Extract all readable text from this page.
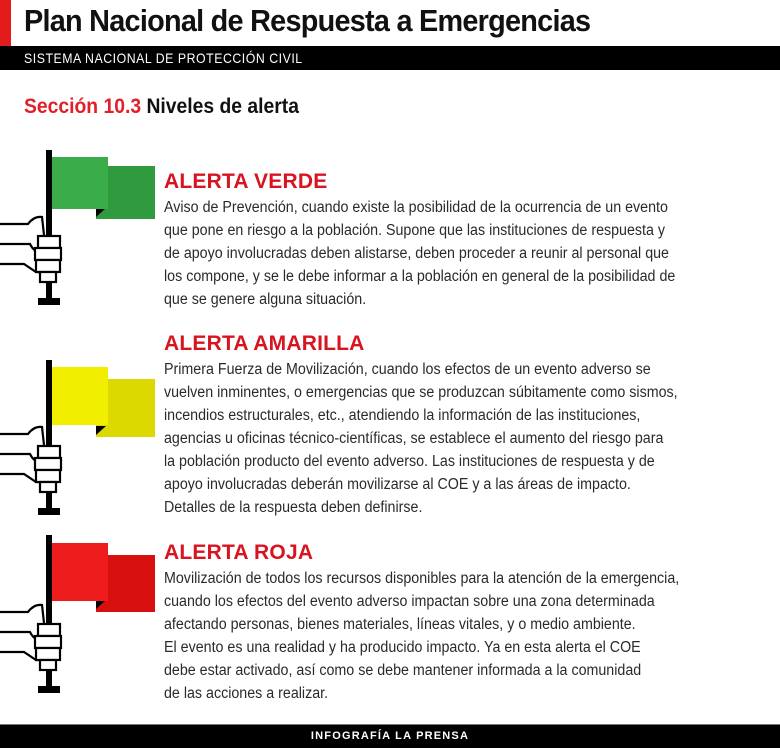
Plan Nacional de Respuesta a Emergencias
SISTEMA NACIONAL DE PROTECCIÓN CIVIL
Sección 10.3 Niveles de alerta
ALERTA VERDE
Aviso de Prevención, cuando existe la posibilidad de la ocurrencia de un evento
que pone en riesgo a la población. Supone que las instituciones de respuesta y
de apoyo involucradas deben alistarse, deben proceder a reunir al personal que
los compone, y se le debe informar a la población en general de la posibilidad de
que se genere alguna situación.
ALERTA AMARILLA
Primera Fuerza de Movilización, cuando los efectos de un evento adverso se
vuelven inminentes, o emergencias que se produzcan súbitamente como sismos,
incendios estructurales, etc., atendiendo la información de las instituciones,
agencias u oficinas técnico-científicas, se establece el aumento del riesgo para
la población producto del evento adverso. Las instituciones de respuesta y de
apoyo involucradas deberán movilizarse al COE y a las áreas de impacto.
Detalles de la respuesta deben definirse.
ALERTA ROJA
Movilización de todos los recursos disponibles para la atención de la emergencia,
cuando los efectos del evento adverso impactan sobre una zona determinada
afectando personas, bienes materiales, líneas vitales, y o medio ambiente.
El evento es una realidad y ha producido impacto. Ya en esta alerta el COE
debe estar activado, así como se debe mantener informada a la comunidad
de las acciones a realizar.
INFOGRAFÍA LA PRENSA
